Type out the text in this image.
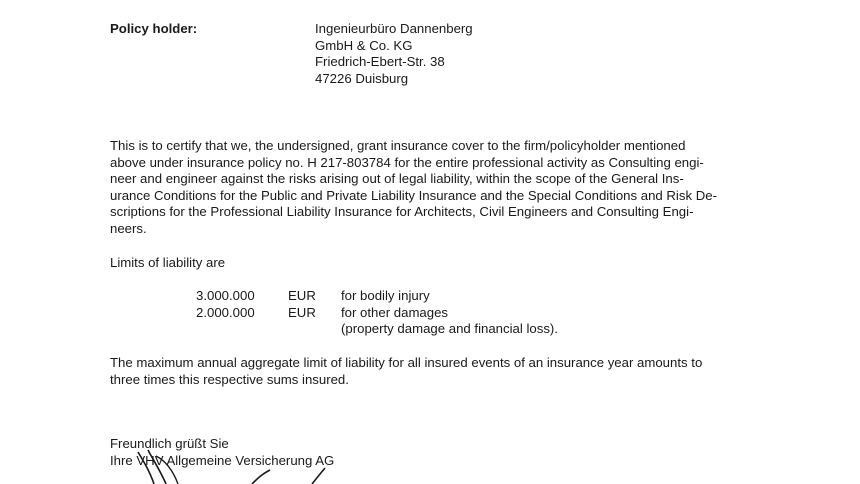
Policy holder:	Ingenieurbüro Dannenberg
GmbH & Co. KG
Friedrich-Ebert-Str. 38
47226 Duisburg
This is to certify that we, the undersigned, grant insurance cover to the firm/policyholder mentioned
above under insurance policy no. H 217-803784 for the entire professional activity as Consulting engi-
neer and engineer against the risks arising out of legal liability, within the scope of the General Ins-
urance Conditions for the Public and Private Liability Insurance and the Special Conditions and Risk De-
scriptions for the Professional Liability Insurance for Architects, Civil Engineers and Consulting Engi-
neers.
Limits of liability are
3.000.000
2.000.000
EUR
EUR
for bodily injury
for other damages
(property damage and financial loss).
The maximum annual aggregate limit of liability for all insured events of an insurance year amounts to
three times this respective sums insured.
Freundlich grüßt Sie
Ihre VHV Allgemeine Versicherung AG
